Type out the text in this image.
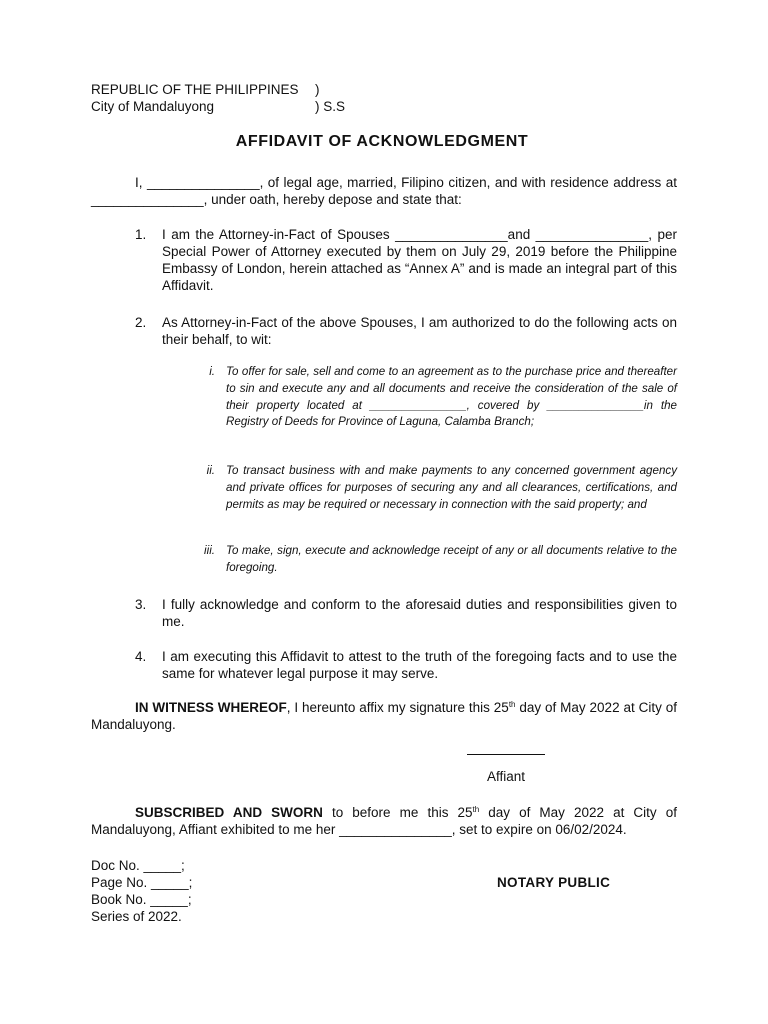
REPUBLIC OF THE PHILIPPINES )
City of Mandaluyong	) S.S
AFFIDAVIT OF ACKNOWLEDGMENT
I, _______________, of legal age, married, Filipino citizen, and with residence address at _______________, under oath, hereby depose and state that:
1. I am the Attorney-in-Fact of Spouses _______________and _______________, per Special Power of Attorney executed by them on July 29, 2019 before the Philippine Embassy of London, herein attached as “Annex A” and is made an integral part of this Affidavit.
2. As Attorney-in-Fact of the above Spouses, I am authorized to do the following acts on their behalf, to wit:
i. To offer for sale, sell and come to an agreement as to the purchase price and thereafter to sin and execute any and all documents and receive the consideration of the sale of their property located at _______________, covered by _______________in the Registry of Deeds for Province of Laguna, Calamba Branch;
ii. To transact business with and make payments to any concerned government agency and private offices for purposes of securing any and all clearances, certifications, and permits as may be required or necessary in connection with the said property; and
iii. To make, sign, execute and acknowledge receipt of any or all documents relative to the foregoing.
3. I fully acknowledge and conform to the aforesaid duties and responsibilities given to me.
4. I am executing this Affidavit to attest to the truth of the foregoing facts and to use the same for whatever legal purpose it may serve.
IN WITNESS WHEREOF, I hereunto affix my signature this 25th day of May 2022 at City of Mandaluyong.
Affiant
SUBSCRIBED AND SWORN to before me this 25th day of May 2022 at City of Mandaluyong, Affiant exhibited to me her _______________, set to expire on 06/02/2024.
Doc No. _____;
Page No. _____;
Book No. _____;
Series of 2022.
NOTARY PUBLIC
